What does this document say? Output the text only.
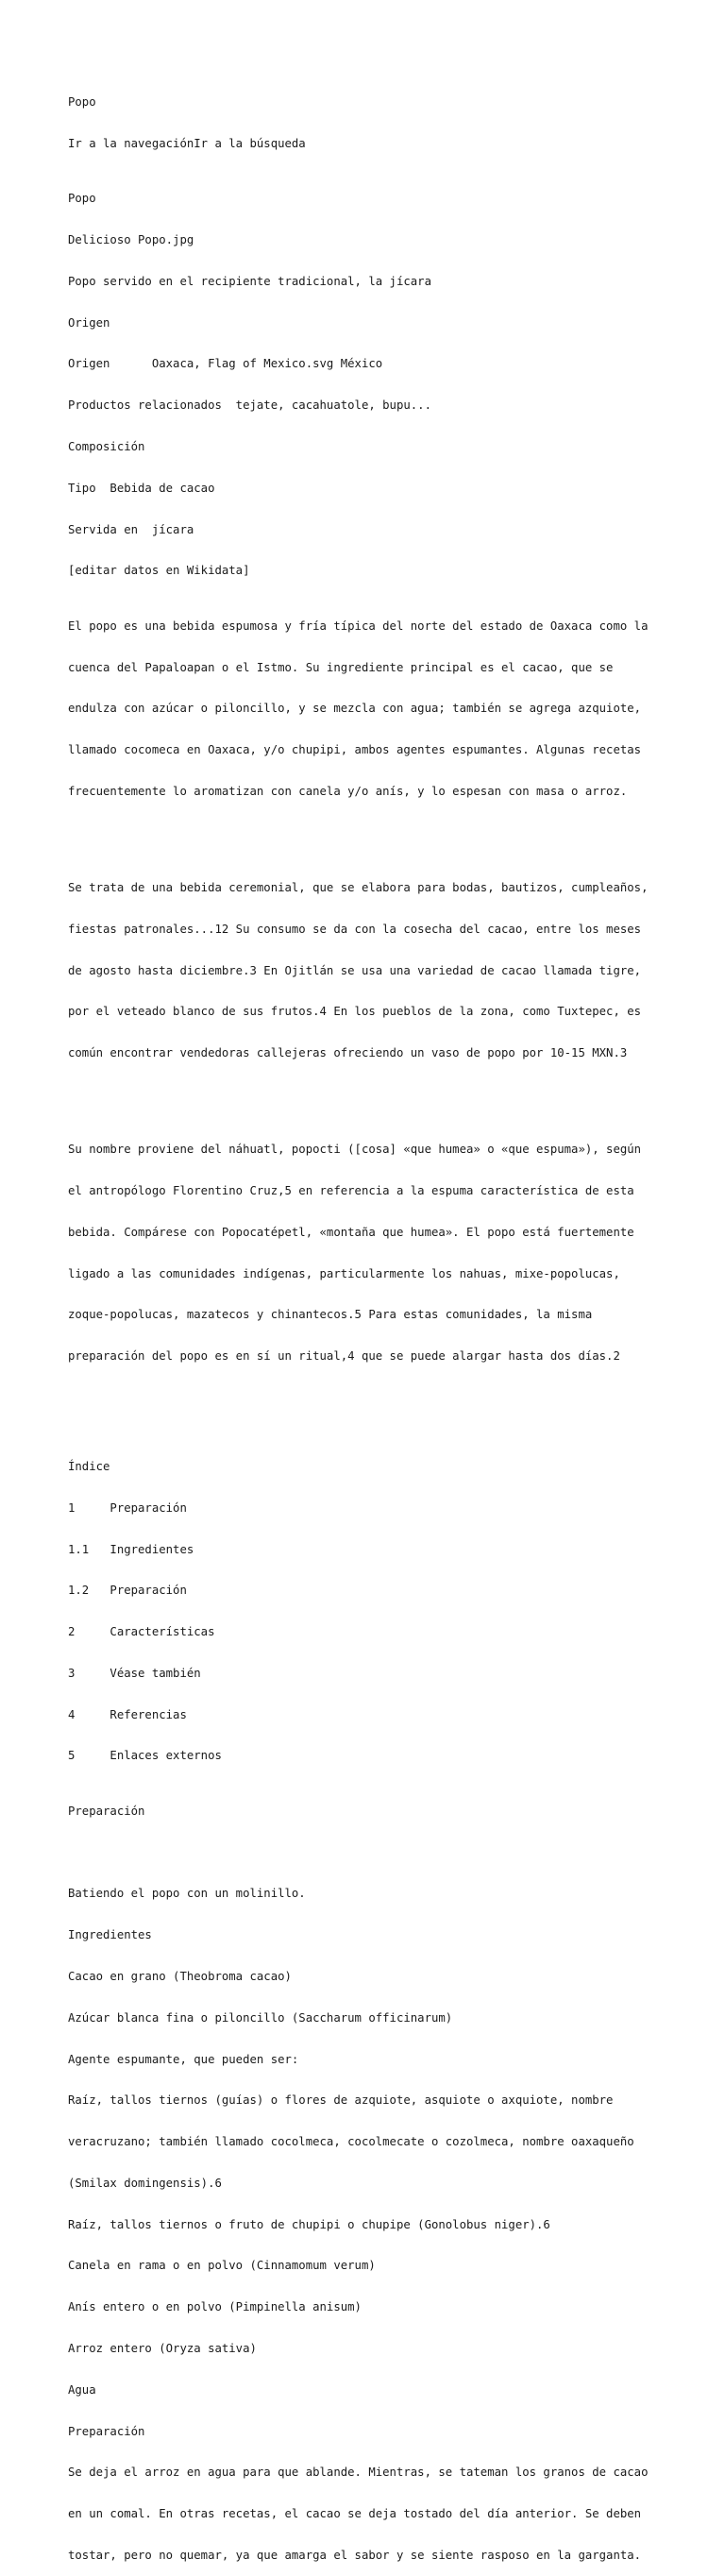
Popo

Ir a la navegaciónIr a la búsqueda

Popo

Delicioso Popo.jpg

Popo servido en el recipiente tradicional, la jícara

Origen

Origen      Oaxaca, Flag of Mexico.svg México

Productos relacionados  tejate, cacahuatole, bupu...

Composición

Tipo  Bebida de cacao

Servida en  jícara

[editar datos en Wikidata]

El popo es una bebida espumosa y fría típica del norte del estado de Oaxaca como la

cuenca del Papaloapan o el Istmo. Su ingrediente principal es el cacao, que se

endulza con azúcar o piloncillo, y se mezcla con agua; también se agrega azquiote,

llamado cocomeca en Oaxaca, y/o chupipi, ambos agentes espumantes. Algunas recetas

frecuentemente lo aromatizan con canela y/o anís, y lo espesan con masa o arroz.

Se trata de una bebida ceremonial, que se elabora para bodas, bautizos, cumpleaños,

fiestas patronales...12 Su consumo se da con la cosecha del cacao, entre los meses

de agosto hasta diciembre.3 En Ojitlán se usa una variedad de cacao llamada tigre,

por el veteado blanco de sus frutos.4 En los pueblos de la zona, como Tuxtepec, es

común encontrar vendedoras callejeras ofreciendo un vaso de popo por 10-15 MXN.3

Su nombre proviene del náhuatl, popocti ([cosa] «que humea» o «que espuma»), según

el antropólogo Florentino Cruz,5 en referencia a la espuma característica de esta

bebida. Compárese con Popocatépetl, «montaña que humea». El popo está fuertemente

ligado a las comunidades indígenas, particularmente los nahuas, mixe-popolucas,

zoque-popolucas, mazatecos y chinantecos.5 Para estas comunidades, la misma

preparación del popo es en sí un ritual,4 que se puede alargar hasta dos días.2

Índice

1     Preparación

1.1   Ingredientes

1.2   Preparación

2     Características

3     Véase también

4     Referencias

5     Enlaces externos

Preparación

Batiendo el popo con un molinillo.

Ingredientes

Cacao en grano (Theobroma cacao)

Azúcar blanca fina o piloncillo (Saccharum officinarum)

Agente espumante, que pueden ser:

Raíz, tallos tiernos (guías) o flores de azquiote, asquiote o axquiote, nombre

veracruzano; también llamado cocolmeca, cocolmecate o cozolmeca, nombre oaxaqueño

(Smilax domingensis).6

Raíz, tallos tiernos o fruto de chupipi o chupipe (Gonolobus niger).6

Canela en rama o en polvo (Cinnamomum verum)

Anís entero o en polvo (Pimpinella anisum)

Arroz entero (Oryza sativa)

Agua

Preparación

Se deja el arroz en agua para que ablande. Mientras, se tateman los granos de cacao

en un comal. En otras recetas, el cacao se deja tostado del día anterior. Se deben

tostar, pero no quemar, ya que amarga el sabor y se siente rasposo en la garganta.
